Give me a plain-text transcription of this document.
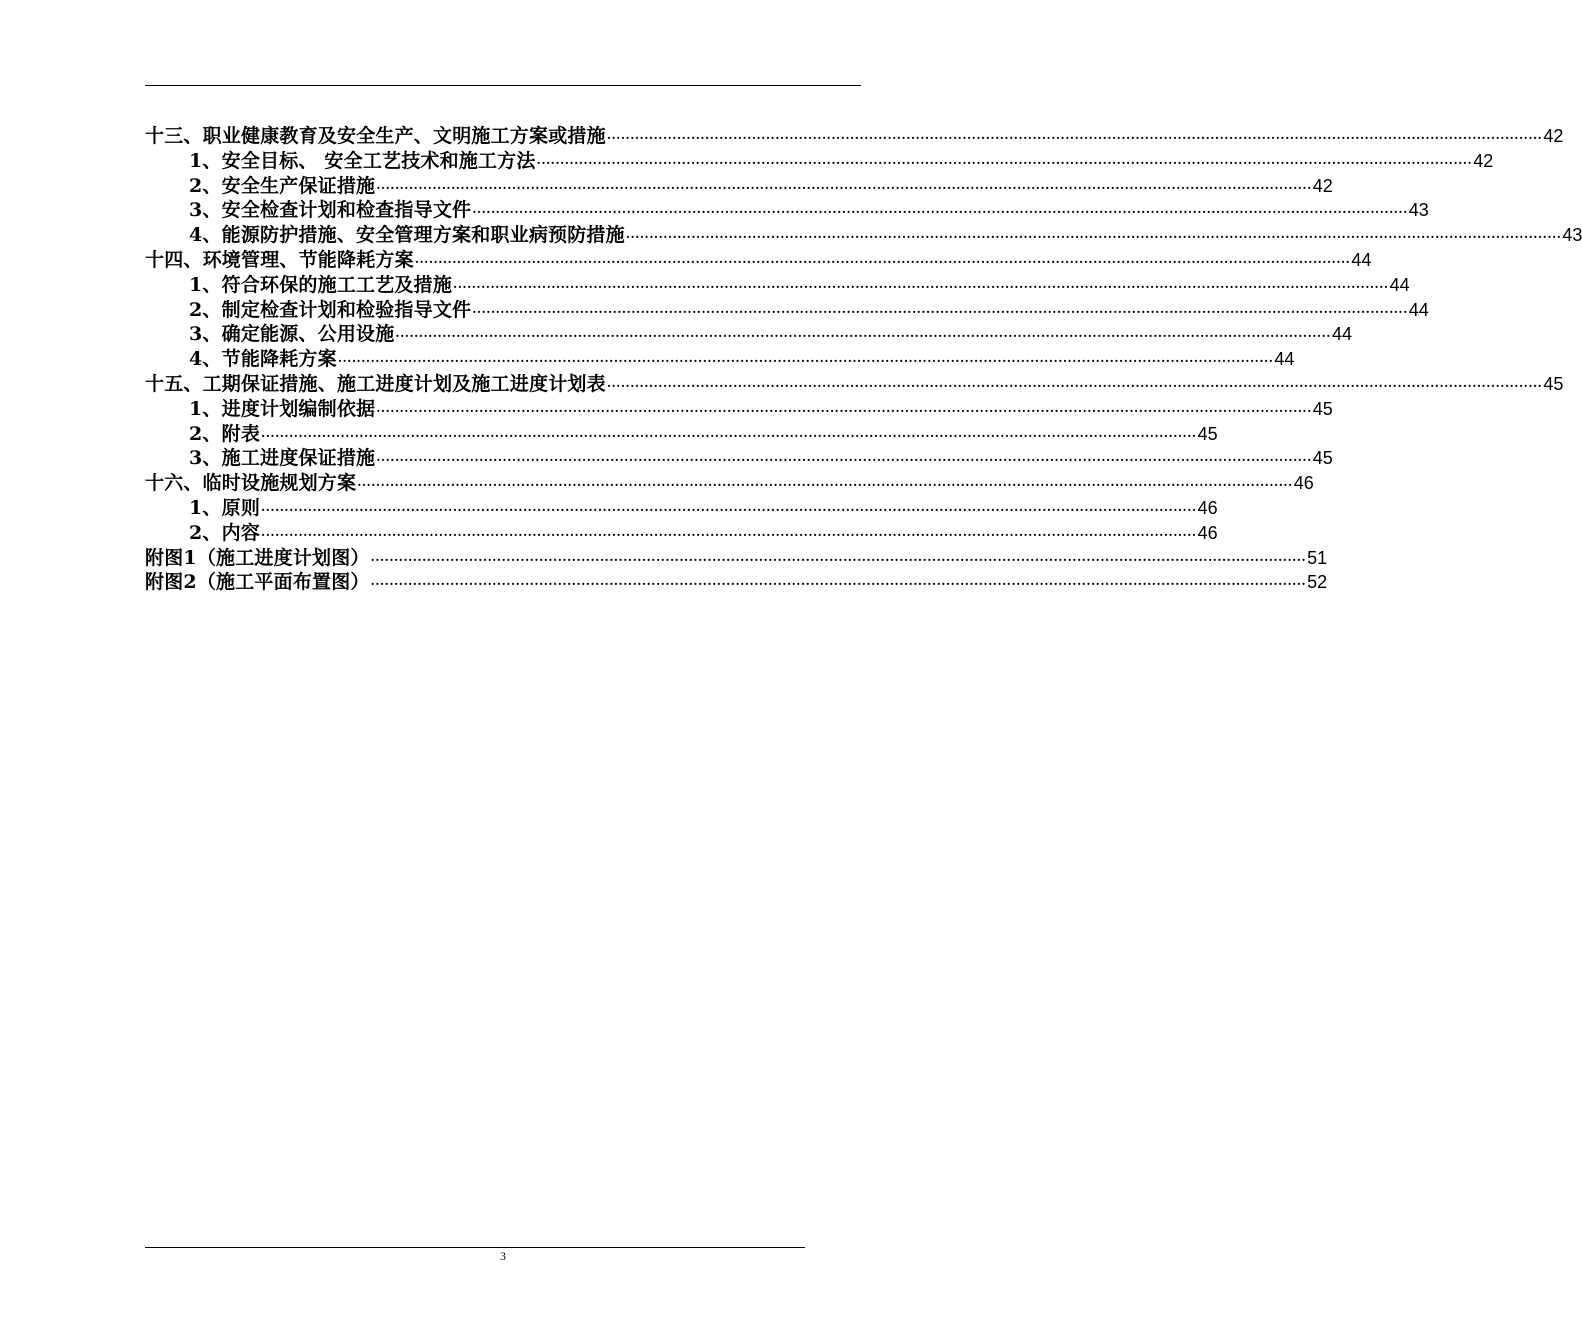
十三、职业健康教育及安全生产、文明施工方案或措施 ········································································································································································································ 42
1、安全目标、 安全工艺技术和施工方法 ········································································································································································································ 42
2、安全生产保证措施 ········································································································································································································ 42
3、安全检查计划和检查指导文件 ········································································································································································································ 43
4、能源防护措施、安全管理方案和职业病预防措施 ········································································································································································································ 43
十四、环境管理、节能降耗方案 ········································································································································································································ 44
1、符合环保的施工工艺及措施 ········································································································································································································ 44
2、制定检查计划和检验指导文件 ········································································································································································································ 44
3、确定能源、公用设施 ········································································································································································································ 44
4、节能降耗方案 ········································································································································································································ 44
十五、工期保证措施、施工进度计划及施工进度计划表 ········································································································································································································ 45
1、进度计划编制依据 ········································································································································································································ 45
2、附表 ········································································································································································································ 45
3、施工进度保证措施 ········································································································································································································ 45
十六、临时设施规划方案 ········································································································································································································ 46
1、原则 ········································································································································································································ 46
2、内容 ········································································································································································································ 46
附图1（施工进度计划图） ········································································································································································································ 51
附图2（施工平面布置图） ········································································································································································································ 52
3
